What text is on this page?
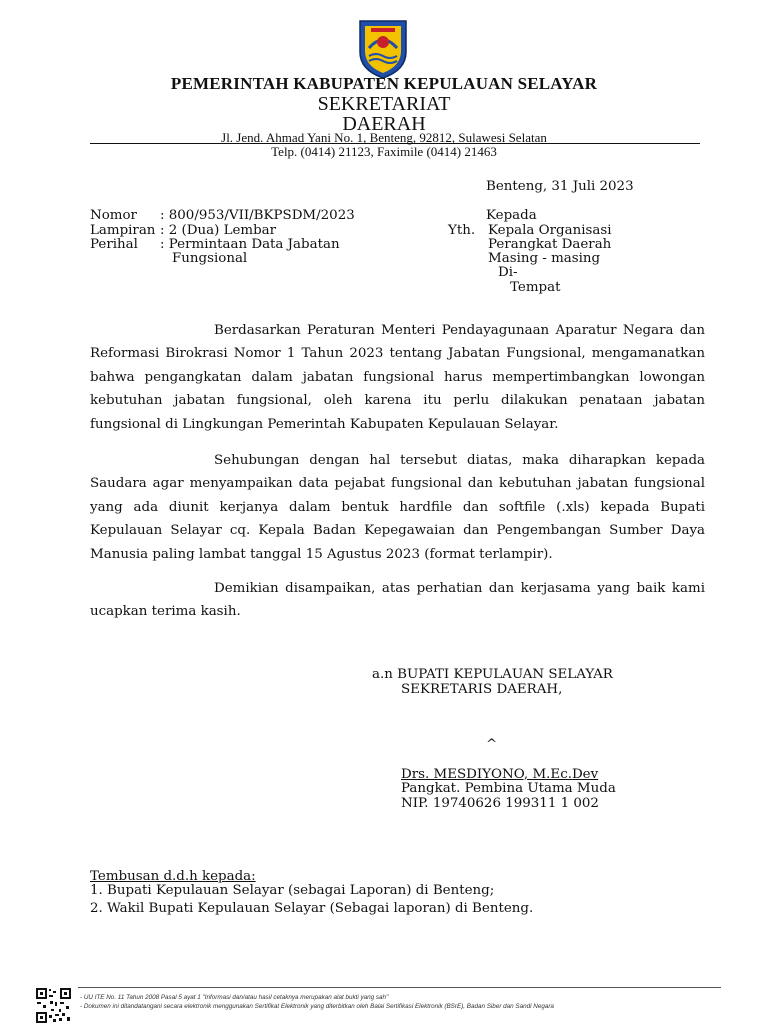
PEMERINTAH KABUPATEN KEPULAUAN SELAYAR
SEKRETARIAT
DAERAH
Jl. Jend. Ahmad Yani No. 1, Benteng, 92812, Sulawesi Selatan
Telp. (0414) 21123, Faximile (0414) 21463
Benteng, 31 Juli 2023
Nomor : 800/953/VII/BKPSDM/2023
Lampiran : 2 (Dua) Lembar
Perihal : Permintaan Data Jabatan
Fungsional
Kepada
Yth. Kepala Organisasi
Perangkat Daerah
Masing - masing
Di-
Tempat
Berdasarkan Peraturan Menteri Pendayagunaan Aparatur Negara dan Reformasi Birokrasi Nomor 1 Tahun 2023 tentang Jabatan Fungsional, mengamanatkan bahwa pengangkatan dalam jabatan fungsional harus mempertimbangkan lowongan kebutuhan jabatan fungsional, oleh karena itu perlu dilakukan penataan jabatan fungsional di Lingkungan Pemerintah Kabupaten Kepulauan Selayar.
Sehubungan dengan hal tersebut diatas, maka diharapkan kepada Saudara agar menyampaikan data pejabat fungsional dan kebutuhan jabatan fungsional yang ada diunit kerjanya dalam bentuk hardfile dan softfile (.xls) kepada Bupati Kepulauan Selayar cq. Kepala Badan Kepegawaian dan Pengembangan Sumber Daya Manusia paling lambat tanggal 15 Agustus 2023 (format terlampir).
Demikian disampaikan, atas perhatian dan kerjasama yang baik kami ucapkan terima kasih.
a.n BUPATI KEPULAUAN SELAYAR
SEKRETARIS DAERAH,
^
Drs. MESDIYONO, M.Ec.Dev
Pangkat. Pembina Utama Muda
NIP. 19740626 199311 1 002
Tembusan d.d.h kepada:
1. Bupati Kepulauan Selayar (sebagai Laporan) di Benteng;
2. Wakil Bupati Kepulauan Selayar (Sebagai laporan) di Benteng.
- UU ITE No. 11 Tahun 2008 Pasal 5 ayat 1 "Informasi dan/atau hasil cetaknya merupakan alat bukti yang sah"
- Dokumen ini ditandatangani secara elektronik menggunakan Sertifikat Elektronik yang diterbitkan oleh Balai Sertifikasi Elektronik (BSrE), Badan Siber dan Sandi Negara
